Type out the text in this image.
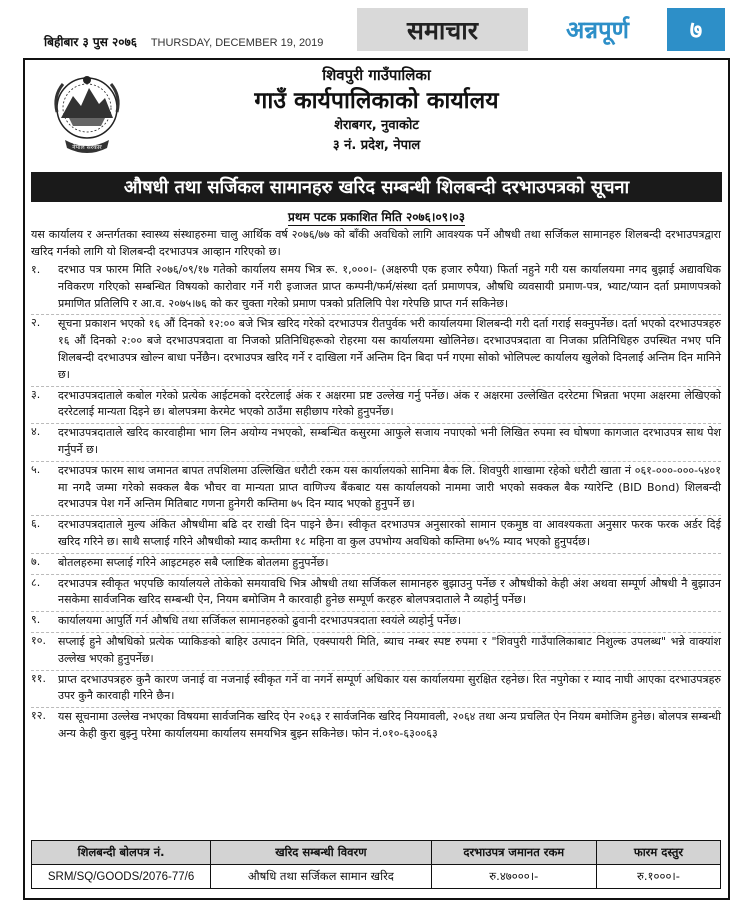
बिहीबार ३ पुस २०७६ THURSDAY, DECEMBER 19, 2019	समाचार	अन्नपूर्ण	७
नेपाल सरकार
शिवपुरी गाउँपालिका
गाउँ कार्यपालिकाको कार्यालय
शेराबगर, नुवाकोट
३ नं. प्रदेश, नेपाल
औषधी तथा सर्जिकल सामानहरु खरिद सम्बन्धी शिलबन्दी दरभाउपत्रको सूचना
प्रथम पटक प्रकाशित मिति २०७६।०९।०३

यस कार्यालय र अन्तर्गतका स्वास्थ्य संस्थाहरुमा चालु आर्थिक वर्ष २०७६/७७ को बाँकी अवधिको लागि आवश्यक पर्ने औषधी तथा सर्जिकल सामानहरु शिलबन्दी दरभाउपत्रद्वारा खरिद गर्नको लागि यो शिलबन्दी दरभाउपत्र आव्हान गरिएको छ।

१. दरभाउ पत्र फारम मिति २०७६/०९/१७ गतेको कार्यालय समय भित्र रू. १,०००।- (अक्षरुपी एक हजार रुपैया) फिर्ता नहुने गरी यस कार्यालयमा नगद बुझाई अद्यावधिक नविकरण गरिएको सम्बन्धित विषयको कारोवार गर्ने गरी इजाजत प्राप्त कम्पनी/फर्म/संस्था दर्ता प्रमाणपत्र, औषधि व्यवसायी प्रमाण-पत्र, भ्याट/प्यान दर्ता प्रमाणपत्रको प्रमाणित प्रतिलिपि र आ.व. २०७५।७६ को कर चुक्ता गरेको प्रमाण पत्रको प्रतिलिपि पेश गरेपछि प्राप्त गर्न सकिनेछ।
२. सूचना प्रकाशन भएको १६ औं दिनको १२:०० बजे भित्र खरिद गरेको दरभाउपत्र रीतपुर्वक भरी कार्यालयमा शिलबन्दी गरी दर्ता गराई सक्नुपर्नेछ। दर्ता भएको दरभाउपत्रहरु १६ औं दिनको २:०० बजे दरभाउपत्रदाता वा निजको प्रतिनिधिहरूको रोहरमा यस कार्यालयमा खोलिनेछ। दरभाउपत्रदाता वा निजका प्रतिनिधिहरु उपस्थित नभए पनि शिलबन्दी दरभाउपत्र खोल्न बाधा पर्नेछैन। दरभाउपत्र खरिद गर्ने र दाखिला गर्ने अन्तिम दिन बिदा पर्न गएमा सोको भोलिपल्ट कार्यालय खुलेको दिनलाई अन्तिम दिन मानिने छ।
३. दरभाउपत्रदाताले कबोल गरेको प्रत्येक आईटमको दररेटलाई अंक र अक्षरमा प्रष्ट उल्लेख गर्नु पर्नेछ। अंक र अक्षरमा उल्लेखित दररेटमा भिन्नता भएमा अक्षरमा लेखिएको दररेटलाई मान्यता दिइने छ। बोलपत्रमा केरमेट भएको ठाउँमा सहीछाप गरेको हुनुपर्नेछ।
४. दरभाउपत्रदाताले खरिद कारवाहीमा भाग लिन अयोग्य नभएको, सम्बन्धित कसुरमा आफुले सजाय नपाएको भनी लिखित रुपमा स्व घोषणा कागजात दरभाउपत्र साथ पेश गर्नुपर्ने छ।
५. दरभाउपत्र फारम साथ जमानत बापत तपशिलमा उल्लिखित धरौटी रकम यस कार्यालयको सानिमा बैक लि. शिवपुरी शाखामा रहेको धरौटी खाता नं ०६१-०००-०००-५४०१ मा नगदै जम्मा गरेको सक्कल बैक भौचर वा मान्यता प्राप्त वाणिज्य बैंकबाट यस कार्यालयको नाममा जारी भएको सक्कल बैक ग्यारेन्टि (BID Bond) शिलबन्दी दरभाउपत्र पेश गर्ने अन्तिम मितिबाट गणना हुनेगरी कम्तिमा ७५ दिन म्याद भएको हुनुपर्ने छ।
६. दरभाउपत्रदाताले मुल्य अंकित औषधीमा बढि दर राखी दिन पाइने छैन। स्वीकृत दरभाउपत्र अनुसारको सामान एकमुष्ठ वा आवश्यकता अनुसार फरक फरक अर्डर दिई खरिद गरिने छ। साथै सप्लाई गरिने औषधीको म्याद कम्तीमा १८ महिना वा कुल उपभोग्य अवधिको कम्तिमा ७५% म्याद भएको हुनुपर्दछ।
७. बोतलहरुमा सप्लाई गरिने आइटमहरु सबै प्लाष्टिक बोतलमा हुनुपर्नेछ।
८. दरभाउपत्र स्वीकृत भएपछि कार्यालयले तोकेको समयावधि भित्र औषधी तथा सर्जिकल सामानहरु बुझाउनु पर्नेछ र औषधीको केही अंश अथवा सम्पूर्ण औषधी नै बुझाउन नसकेमा सार्वजनिक खरिद सम्बन्धी ऐन, नियम बमोजिम नै कारवाही हुनेछ सम्पूर्ण करहरु बोलपत्रदाताले नै व्यहोर्नु पर्नेछ।
९. कार्यालयमा आपुर्ति गर्न औषधि तथा सर्जिकल सामानहरुको ढुवानी दरभाउपत्रदाता स्वयंले व्यहोर्नु पर्नेछ।
१०. सप्लाई हुने औषधिको प्रत्येक प्याकिङको बाहिर उत्पादन मिति, एक्स्पायरी मिति, ब्याच नम्बर स्पष्ट रुपमा र "शिवपुरी गाउँपालिकाबाट निशुल्क उपलब्ध" भन्ने वाक्यांश उल्लेख भएको हुनुपर्नेछ।
११. प्राप्त दरभाउपत्रहरु कुनै कारण जनाई वा नजनाई स्वीकृत गर्ने वा नगर्ने सम्पूर्ण अधिकार यस कार्यालयमा सुरक्षित रहनेछ। रित नपुगेका र म्याद नाघी आएका दरभाउपत्रहरु उपर कुनै कारवाही गरिने छैन।
१२. यस सूचनामा उल्लेख नभएका विषयमा सार्वजनिक खरिद ऐन २०६३ र सार्वजनिक खरिद नियमावली, २०६४ तथा अन्य प्रचलित ऐन नियम बमोजिम हुनेछ। बोलपत्र सम्बन्धी अन्य केही कुरा बुझ्नु परेमा कार्यालयमा कार्यालय समयभित्र बुझ्न सकिनेछ। फोन नं.०१०-६३००६३
शिलबन्दी बोलपत्र नं.	खरिद सम्बन्धी विवरण	दरभाउपत्र जमानत रकम	फारम दस्तुर
SRM/SQ/GOODS/2076-77/6	औषधि तथा सर्जिकल सामान खरिद	रु.४७०००।-	रु.१०००।-
